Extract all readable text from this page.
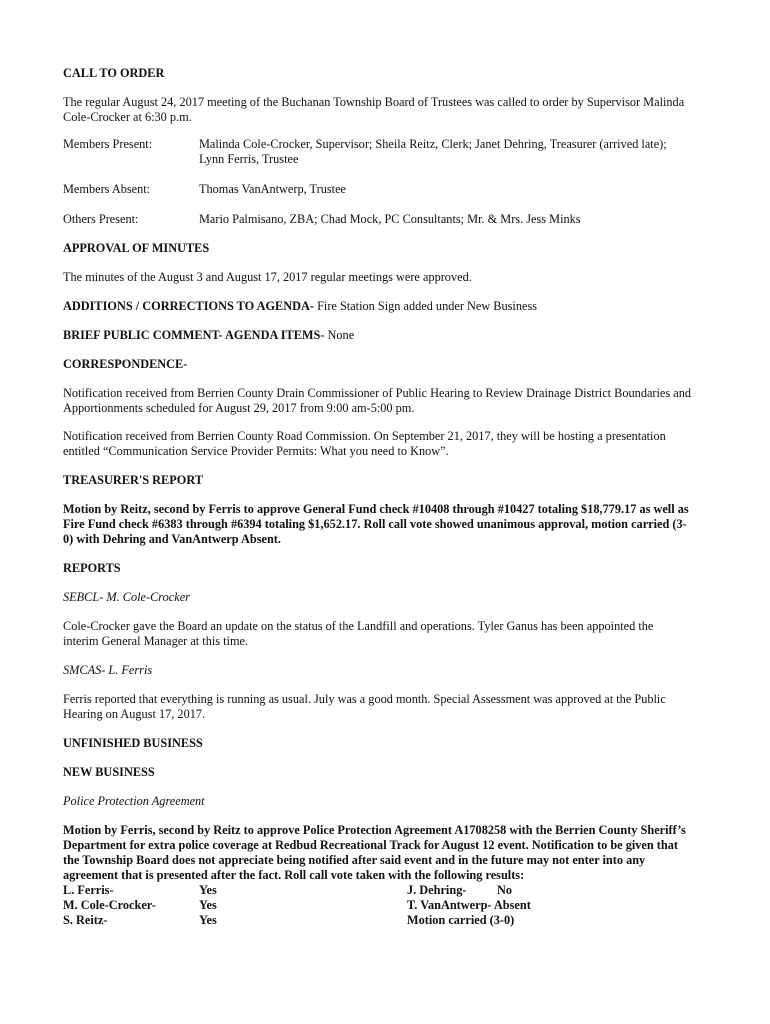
CALL TO ORDER

The regular August 24, 2017 meeting of the Buchanan Township Board of Trustees was called to order by Supervisor Malinda Cole-Crocker at 6:30 p.m.

Members Present:	Malinda Cole-Crocker, Supervisor; Sheila Reitz, Clerk; Janet Dehring, Treasurer (arrived late);
Lynn Ferris, Trustee
Members Absent:	Thomas VanAntwerp, Trustee
Others Present:	Mario Palmisano, ZBA; Chad Mock, PC Consultants; Mr. & Mrs. Jess Minks

APPROVAL OF MINUTES

The minutes of the August 3 and August 17, 2017 regular meetings were approved.

ADDITIONS / CORRECTIONS TO AGENDA- Fire Station Sign added under New Business

BRIEF PUBLIC COMMENT- AGENDA ITEMS- None

CORRESPONDENCE-

Notification received from Berrien County Drain Commissioner of Public Hearing to Review Drainage District Boundaries and
Apportionments scheduled for August 29, 2017 from 9:00 am-5:00 pm.

Notification received from Berrien County Road Commission. On September 21, 2017, they will be hosting a presentation
entitled “Communication Service Provider Permits: What you need to Know”.

TREASURER'S REPORT

Motion by Reitz, second by Ferris to approve General Fund check #10408 through #10427 totaling $18,779.17 as well as
Fire Fund check #6383 through #6394 totaling $1,652.17. Roll call vote showed unanimous approval, motion carried (3-
0) with Dehring and VanAntwerp Absent.

REPORTS

SEBCL- M. Cole-Crocker

Cole-Crocker gave the Board an update on the status of the Landfill and operations. Tyler Ganus has been appointed the
interim General Manager at this time.

SMCAS- L. Ferris

Ferris reported that everything is running as usual. July was a good month. Special Assessment was approved at the Public
Hearing on August 17, 2017.

UNFINISHED BUSINESS

NEW BUSINESS

Police Protection Agreement

Motion by Ferris, second by Reitz to approve Police Protection Agreement A1708258 with the Berrien County Sheriff’s
Department for extra police coverage at Redbud Recreational Track for August 12 event. Notification to be given that
the Township Board does not appreciate being notified after said event and in the future may not enter into any
agreement that is presented after the fact. Roll call vote taken with the following results:

L. Ferris-	Yes	J. Dehring- No
M. Cole-Crocker-	Yes	T. VanAntwerp- Absent
S. Reitz-	Yes	Motion carried (3-0)
